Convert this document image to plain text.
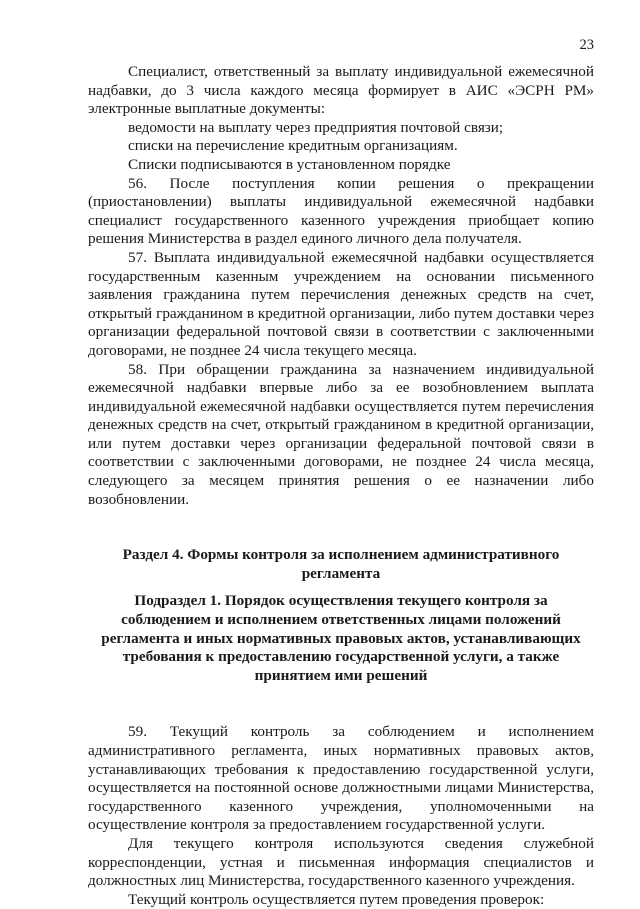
23

Специалист, ответственный за выплату индивидуальной ежемесячной надбавки, до 3 числа каждого месяца формирует в АИС «ЭСРН РМ» электронные выплатные документы:

ведомости на выплату через предприятия почтовой связи;

списки на перечисление кредитным организациям.

Списки подписываются в установленном порядке

56. После поступления копии решения о прекращении (приостановлении) выплаты индивидуальной ежемесячной надбавки специалист государственного казенного учреждения приобщает копию решения Министерства в раздел единого личного дела получателя.

57. Выплата индивидуальной ежемесячной надбавки осуществляется государственным казенным учреждением на основании письменного заявления гражданина путем перечисления денежных средств на счет, открытый гражданином в кредитной организации, либо путем доставки через организации федеральной почтовой связи в соответствии с заключенными договорами, не позднее 24 числа текущего месяца.

58. При обращении гражданина за назначением индивидуальной ежемесячной надбавки впервые либо за ее возобновлением выплата индивидуальной ежемесячной надбавки осуществляется путем перечисления денежных средств на счет, открытый гражданином в кредитной организации, или путем доставки через организации федеральной почтовой связи в соответствии с заключенными договорами, не позднее 24 числа месяца, следующего за месяцем принятия решения о ее назначении либо возобновлении.

Раздел 4. Формы контроля за исполнением административного регламента

Подраздел 1. Порядок осуществления текущего контроля за соблюдением и исполнением ответственных лицами положений регламента и иных нормативных правовых актов, устанавливающих требования к предоставлению государственной услуги, а также принятием ими решений

59. Текущий контроль за соблюдением и исполнением административного регламента, иных нормативных правовых актов, устанавливающих требования к предоставлению государственной услуги, осуществляется на постоянной основе должностными лицами Министерства, государственного казенного учреждения, уполномоченными на осуществление контроля за предоставлением государственной услуги.

Для текущего контроля используются сведения служебной корреспонденции, устная и письменная информация специалистов и должностных лиц Министерства, государственного казенного учреждения.

Текущий контроль осуществляется путем проведения проверок:
